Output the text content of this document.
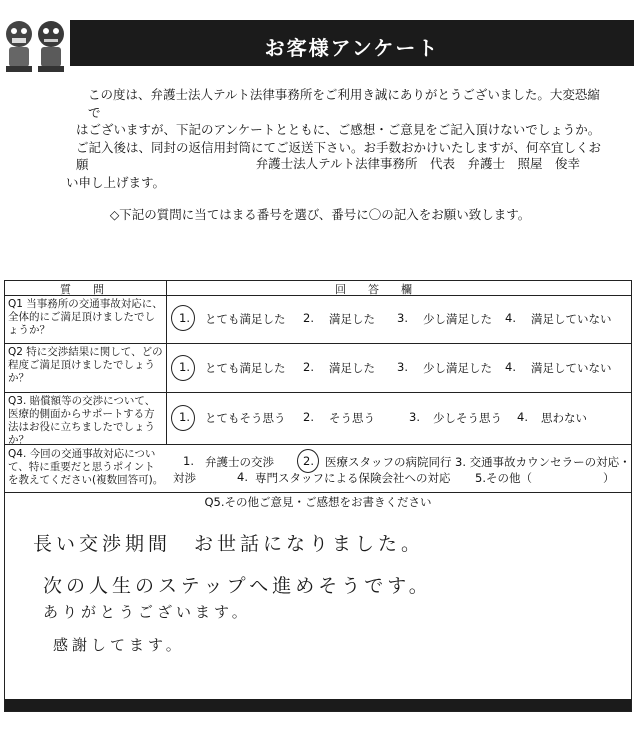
お客様アンケート

この度は、弁護士法人テルト法律事務所をご利用き誠にありがとうございました。大変恐縮で

はございますが、下記のアンケートとともに、ご感想・ご意見をご記入頂けないでしょうか。

ご記入後は、同封の返信用封筒にてご返送下さい。お手数おかけいたしますが、何卒宜しくお願

い申し上げます。

弁護士法人テルト法律事務所　代表　弁護士　照屋　俊幸
◇下記の質問に当てはまる番号を選び、番号に〇の記入をお願い致します。
質　　問	回　　答　　欄
Q1 当事務所の交通事故対応に、全体的にご満足頂けましたでしょうか？
1. とても満足した 2. 満足した 3. 少し満足した 4. 満足していない
Q2 特に交渉結果に関して、どの程度ご満足頂けましたでしょうか？
1. とても満足した 2. 満足した 3. 少し満足した 4. 満足していない
Q3. 賠償額等の交渉について、医療的側面からサポートする方法はお役に立ちましたでしょうか？
1. とてもそう思う 2. そう思う	3. 少しそう思う 4. 思わない
Q4. 今回の交通事故対応について、特に重要だと思うポイントを教えてください(複数回答可)。
1. 弁護士の交渉	2. 医療スタッフの病院同行 3. 交通事故カウンセラーの対応・
対渉	4. 専門スタッフによる保険会社への対応 5.その他（	）
Q5.その他ご意見・ご感想をお書きください
長い交渉期間　お世話になりました。
次の人生のステップへ進めそうです。
ありがとうございます。
感謝してます。
